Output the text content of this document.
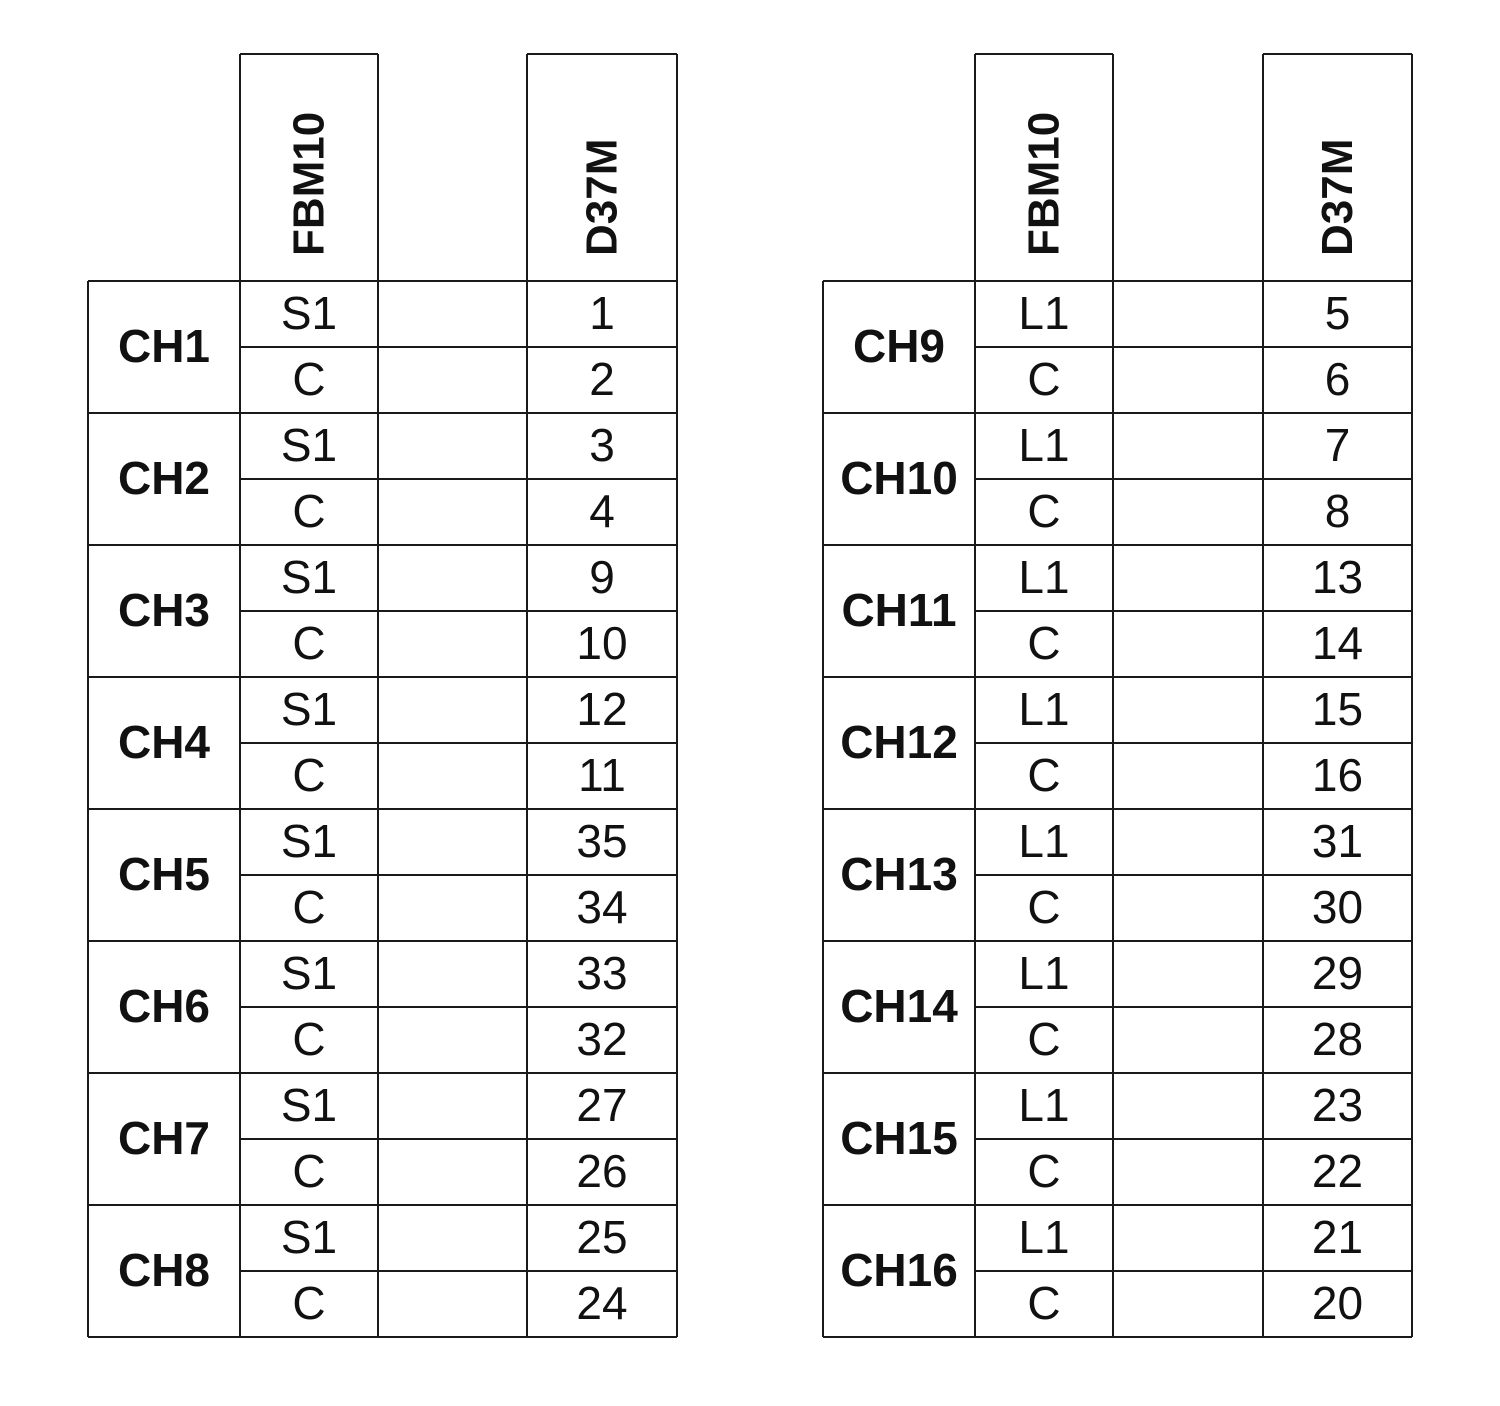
FBM10	D37M
CH1
S1	1
C	2
CH2
S1	3
C	4
CH3
S1	9
C	10
CH4
S1	12
C	11
CH5
S1	35
C	34
CH6
S1	33
C	32
CH7
S1	27
C	26
CH8
S1	25
C	24
FBM10	D37M
CH9
L1	5
C	6
CH10
L1	7
C	8
CH11
L1	13
C	14
CH12
L1	15
C	16
CH13
L1	31
C	30
CH14
L1	29
C	28
CH15
L1	23
C	22
CH16
L1	21
C	20
